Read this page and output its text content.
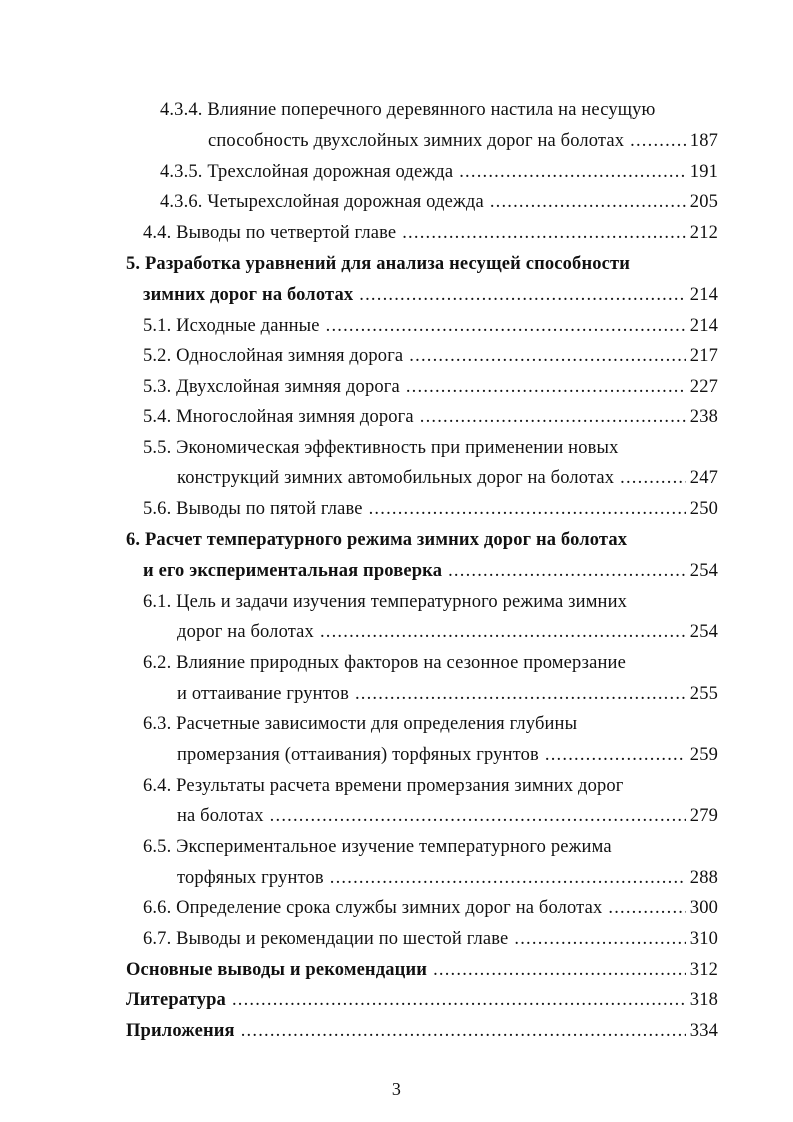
4.3.4. Влияние поперечного деревянного настила на несущую
способность двухслойных зимних дорог на болотах .....	187
4.3.5. Трехслойная дорожная одежда .....	191
4.3.6. Четырехслойная дорожная одежда .....	205
4.4. Выводы по четвертой главе .....	212
5. Разработка уравнений для анализа несущей способности
зимних дорог на болотах .....	214
5.1. Исходные данные .....	214
5.2. Однослойная зимняя дорога .....	217
5.3. Двухслойная зимняя дорога .....	227
5.4. Многослойная зимняя дорога .....	238
5.5. Экономическая эффективность при применении новых
конструкций зимних автомобильных дорог на болотах .....	247
5.6. Выводы по пятой главе .....	250
6. Расчет температурного режима зимних дорог на болотах
и его экспериментальная проверка .....	254
6.1. Цель и задачи изучения температурного режима зимних
дорог на болотах .....	254
6.2. Влияние природных факторов на сезонное промерзание
и оттаивание грунтов .....	255
6.3. Расчетные зависимости для определения глубины
промерзания (оттаивания) торфяных грунтов .....	259
6.4. Результаты расчета времени промерзания зимних дорог
на болотах .....	279
6.5. Экспериментальное изучение температурного режима
торфяных грунтов .....	288
6.6. Определение срока службы зимних дорог на болотах .....	300
6.7. Выводы и рекомендации по шестой главе .....	310
Основные выводы и рекомендации .....	312
Литература .....	318
Приложения .....	334
3
